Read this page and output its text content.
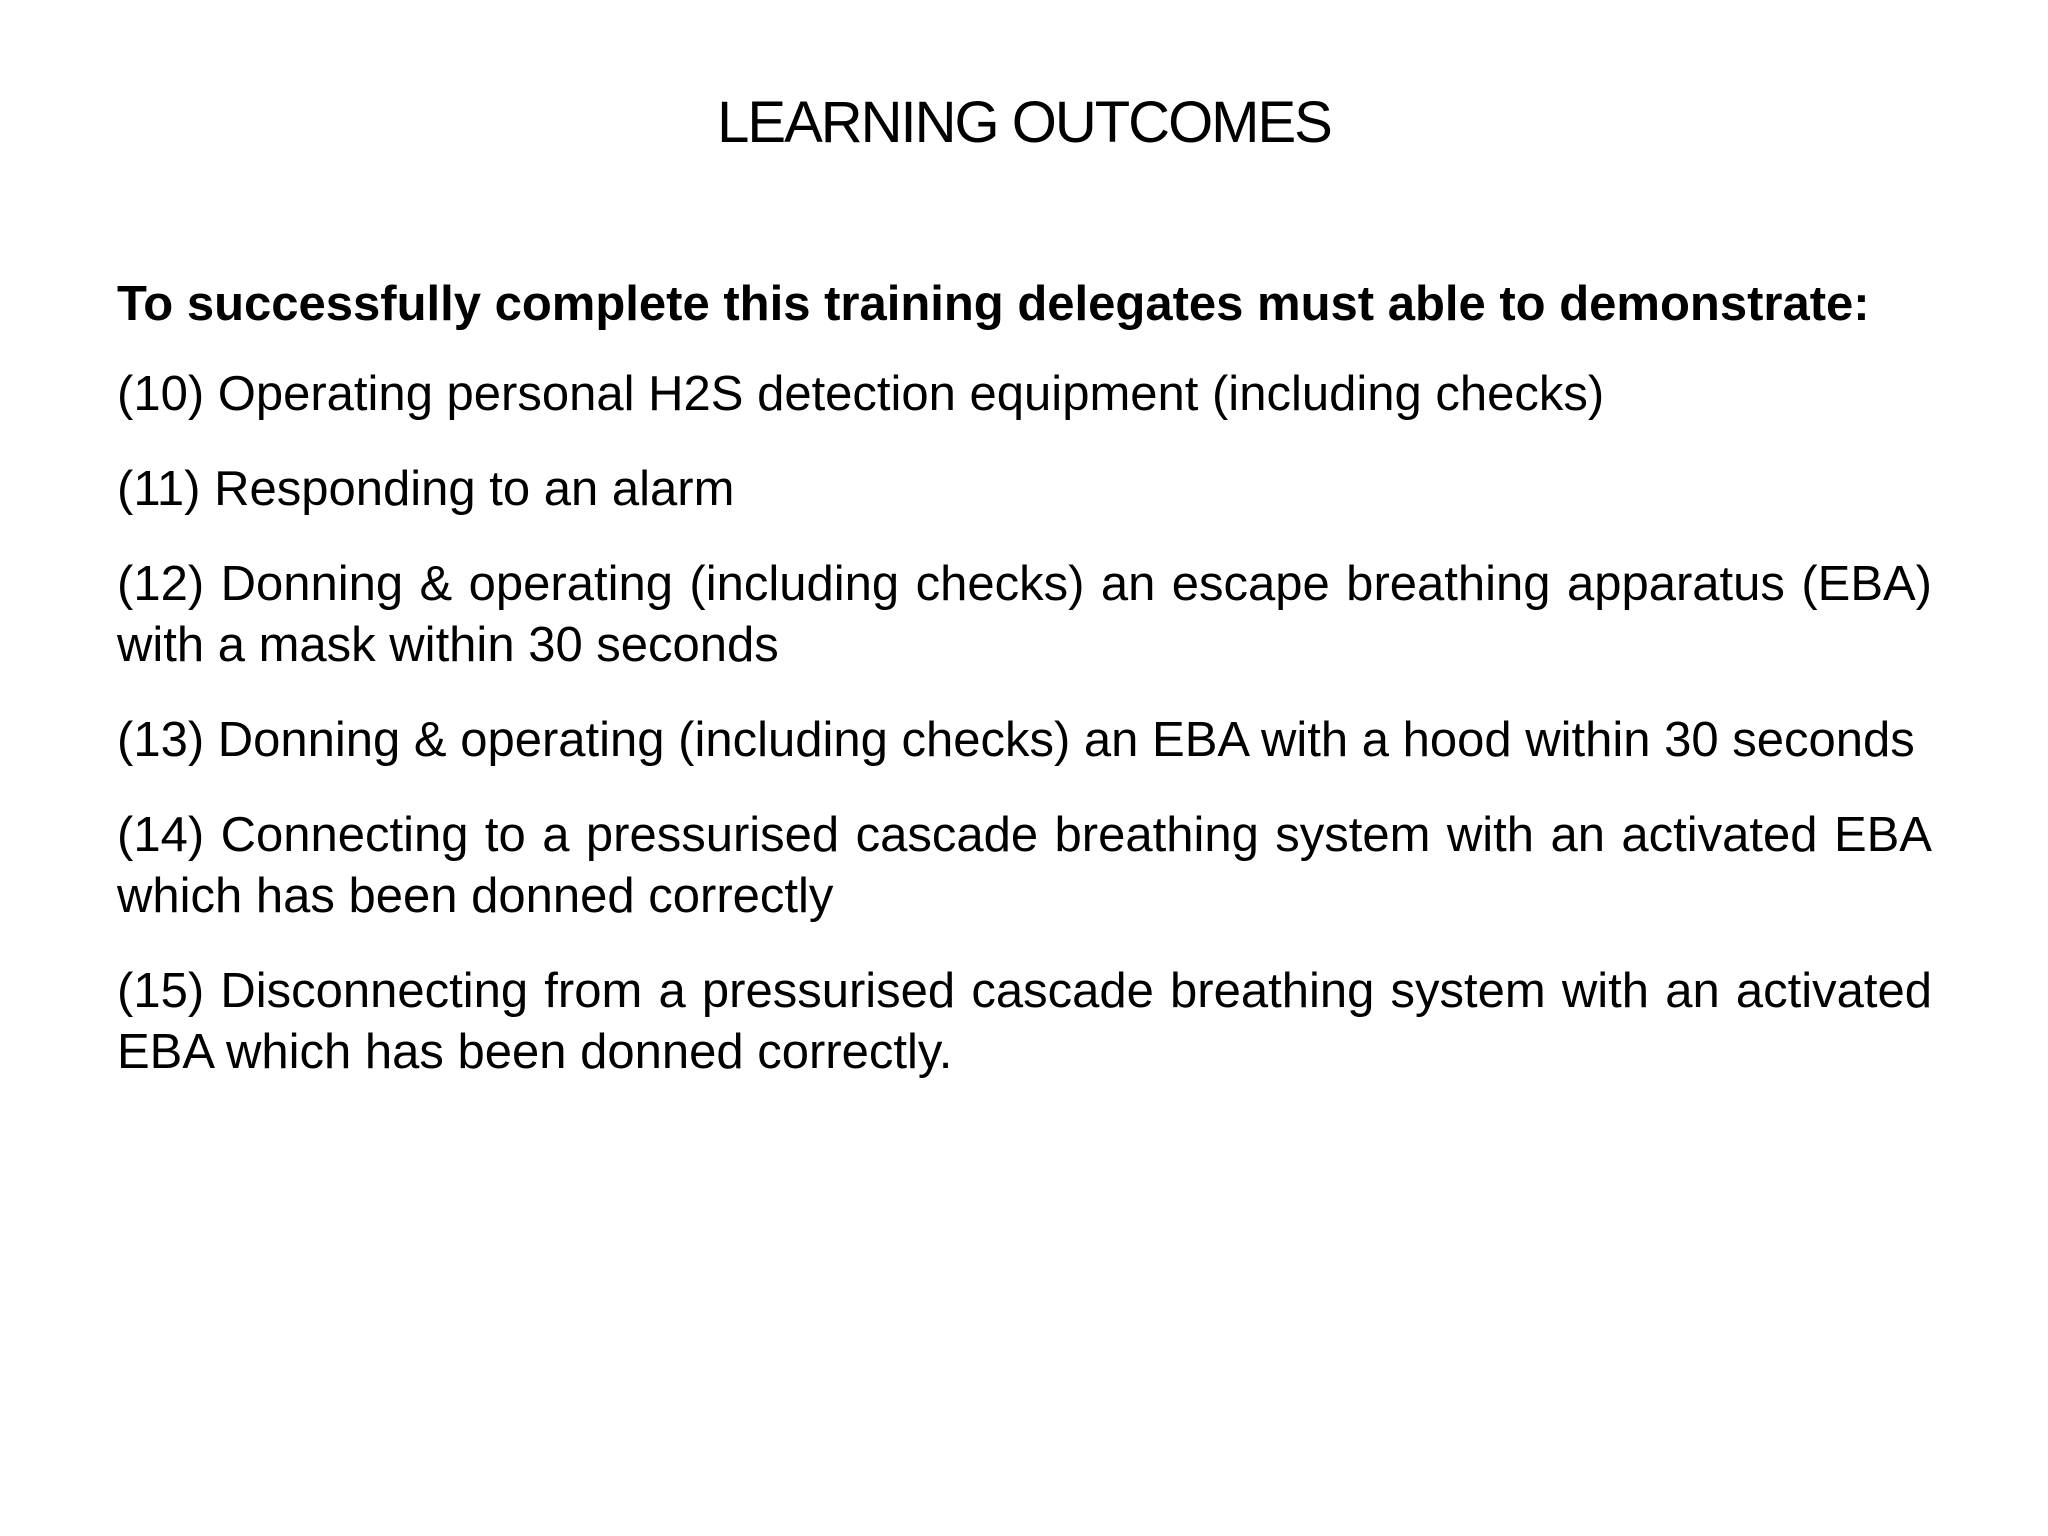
LEARNING OUTCOMES

To successfully complete this training delegates must able to demonstrate:

(10) Operating personal H2S detection equipment (including checks)
(11) Responding to an alarm
(12) Donning & operating (including checks) an escape breathing apparatus (EBA) with a mask within 30 seconds
(13) Donning & operating (including checks) an EBA with a hood within 30 seconds
(14) Connecting to a pressurised cascade breathing system with an activated EBA which has been donned correctly
(15) Disconnecting from a pressurised cascade breathing system with an activated EBA which has been donned correctly.
